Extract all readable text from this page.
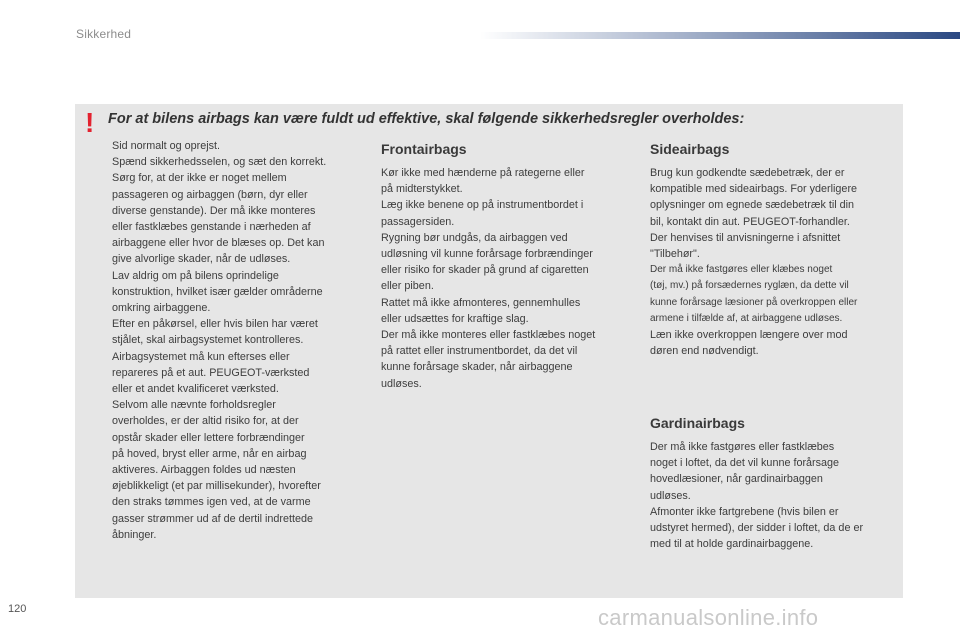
Sikkerhed
! For at bilens airbags kan være fuldt ud effektive, skal følgende sikkerhedsregler overholdes:

Sid normalt og oprejst.

Spænd sikkerhedsselen, og sæt den korrekt.

Sørg for, at der ikke er noget mellem

passageren og airbaggen (børn, dyr eller

diverse genstande). Der må ikke monteres

eller fastklæbes genstande i nærheden af

airbaggene eller hvor de blæses op. Det kan

give alvorlige skader, når de udløses.

Lav aldrig om på bilens oprindelige

konstruktion, hvilket især gælder områderne

omkring airbaggene.

Efter en påkørsel, eller hvis bilen har været

stjålet, skal airbagsystemet kontrolleres.

Airbagsystemet må kun efterses eller

repareres på et aut. PEUGEOT-værksted

eller et andet kvalificeret værksted.

Selvom alle nævnte forholdsregler

overholdes, er der altid risiko for, at der

opstår skader eller lettere forbrændinger

på hoved, bryst eller arme, når en airbag

aktiveres. Airbaggen foldes ud næsten

øjeblikkeligt (et par millisekunder), hvorefter

den straks tømmes igen ved, at de varme

gasser strømmer ud af de dertil indrettede

åbninger.

Frontairbags

Kør ikke med hænderne på rategerne eller

på midterstykket.

Læg ikke benene op på instrumentbordet i

passagersiden.

Rygning bør undgås, da airbaggen ved

udløsning vil kunne forårsage forbrændinger

eller risiko for skader på grund af cigaretten

eller piben.

Rattet må ikke afmonteres, gennemhulles

eller udsættes for kraftige slag.

Der må ikke monteres eller fastklæbes noget

på rattet eller instrumentbordet, da det vil

kunne forårsage skader, når airbaggene

udløses.

Sideairbags

Brug kun godkendte sædebetræk, der er

kompatible med sideairbags. For yderligere

oplysninger om egnede sædebetræk til din

bil, kontakt din aut. PEUGEOT-forhandler.

Der henvises til anvisningerne i afsnittet

"Tilbehør".

Der må ikke fastgøres eller klæbes noget

(tøj, mv.) på forsædernes ryglæn, da dette vil

kunne forårsage læsioner på overkroppen eller

armene i tilfælde af, at airbaggene udløses.

Læn ikke overkroppen længere over mod

døren end nødvendigt.

Gardinairbags

Der må ikke fastgøres eller fastklæbes

noget i loftet, da det vil kunne forårsage

hovedlæsioner, når gardinairbaggen

udløses.

Afmonter ikke fartgrebene (hvis bilen er

udstyret hermed), der sidder i loftet, da de er

med til at holde gardinairbaggene.

120	carmanualsonline.info
